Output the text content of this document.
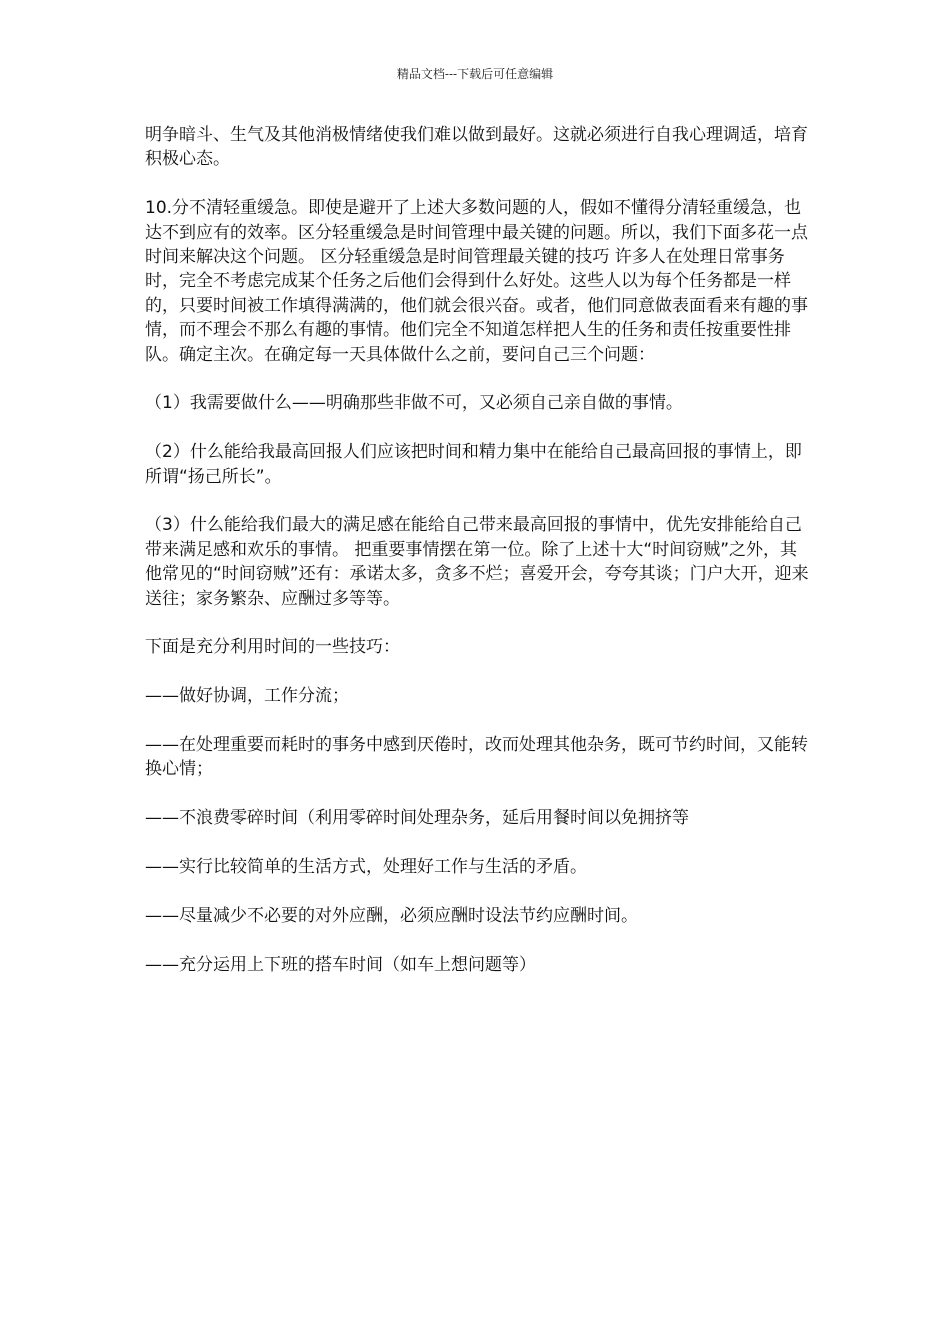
精品文档---下载后可任意编辑

明争暗斗、生气及其他消极情绪使我们难以做到最好。这就必须进行自我心理调适，培育积极心态。

10.分不清轻重缓急。即使是避开了上述大多数问题的人，假如不懂得分清轻重缓急，也达不到应有的效率。区分轻重缓急是时间管理中最关键的问题。所以，我们下面多花一点时间来解决这个问题。 区分轻重缓急是时间管理最关键的技巧 许多人在处理日常事务时，完全不考虑完成某个任务之后他们会得到什么好处。这些人以为每个任务都是一样的，只要时间被工作填得满满的，他们就会很兴奋。或者，他们同意做表面看来有趣的事情，而不理会不那么有趣的事情。他们完全不知道怎样把人生的任务和责任按重要性排队。确定主次。在确定每一天具体做什么之前，要问自己三个问题：

（1）我需要做什么——明确那些非做不可，又必须自己亲自做的事情。

（2）什么能给我最高回报人们应该把时间和精力集中在能给自己最高回报的事情上，即所谓“扬己所长”。

（3）什么能给我们最大的满足感在能给自己带来最高回报的事情中，优先安排能给自己带来满足感和欢乐的事情。 把重要事情摆在第一位。除了上述十大“时间窃贼”之外，其他常见的“时间窃贼”还有：承诺太多，贪多不烂；喜爱开会，夸夸其谈；门户大开，迎来送往；家务繁杂、应酬过多等等。

下面是充分利用时间的一些技巧：

——做好协调，工作分流；

——在处理重要而耗时的事务中感到厌倦时，改而处理其他杂务，既可节约时间，又能转换心情；

——不浪费零碎时间（利用零碎时间处理杂务，延后用餐时间以免拥挤等

——实行比较简单的生活方式，处理好工作与生活的矛盾。

——尽量减少不必要的对外应酬，必须应酬时设法节约应酬时间。

——充分运用上下班的搭车时间（如车上想问题等）
